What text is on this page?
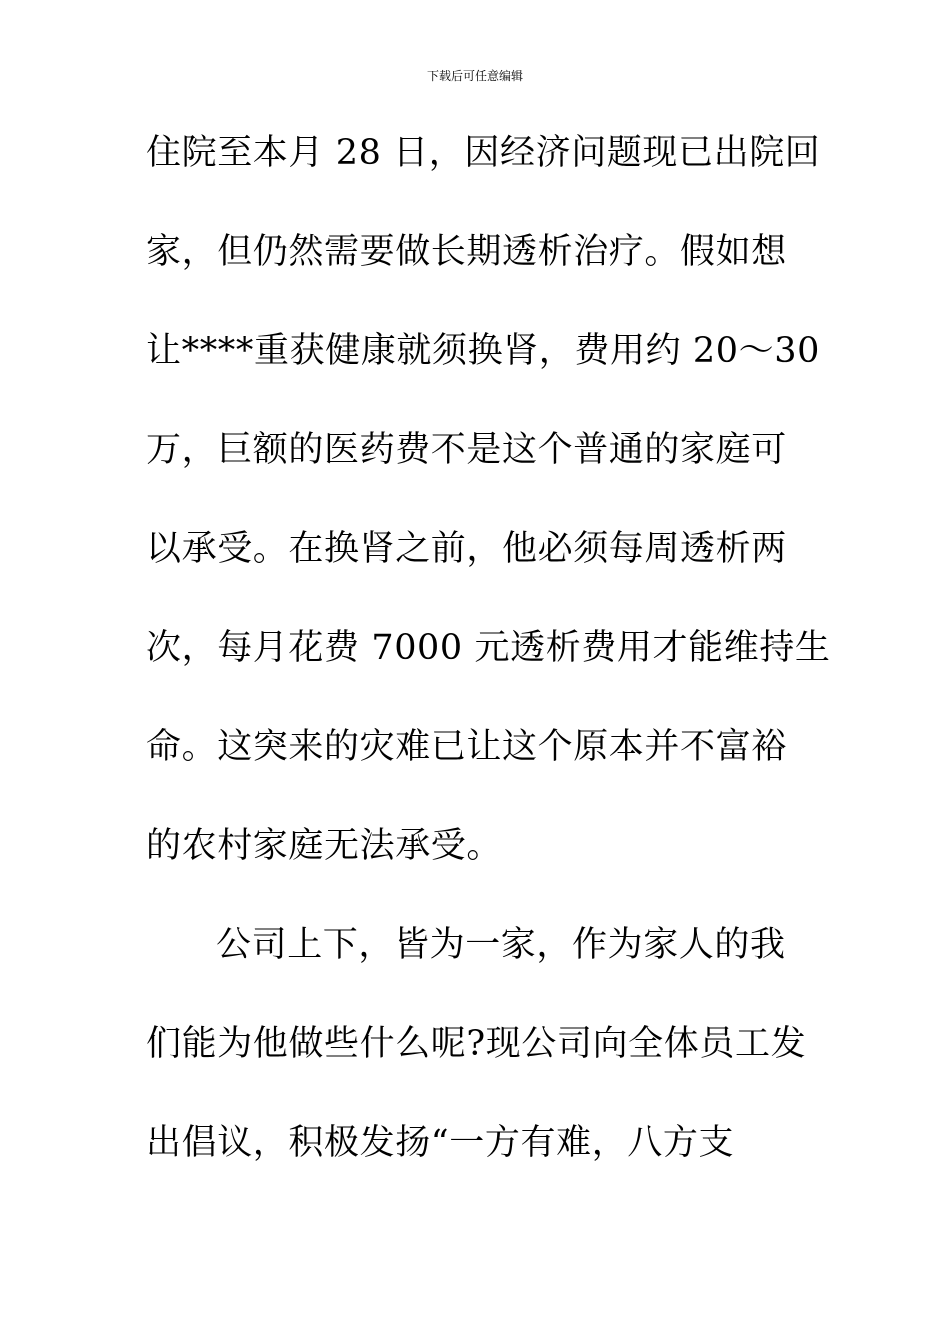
下载后可任意编辑
住院至本月 28 日，因经济问题现已出院回
家，但仍然需要做长期透析治疗。假如想
让****重获健康就须换肾，费用约 20～30
万，巨额的医药费不是这个普通的家庭可
以承受。在换肾之前，他必须每周透析两
次，每月花费 7000 元透析费用才能维持生
命。这突来的灾难已让这个原本并不富裕
的农村家庭无法承受。
公司上下，皆为一家，作为家人的我
们能为他做些什么呢?现公司向全体员工发
出倡议，积极发扬“一方有难，八方支
